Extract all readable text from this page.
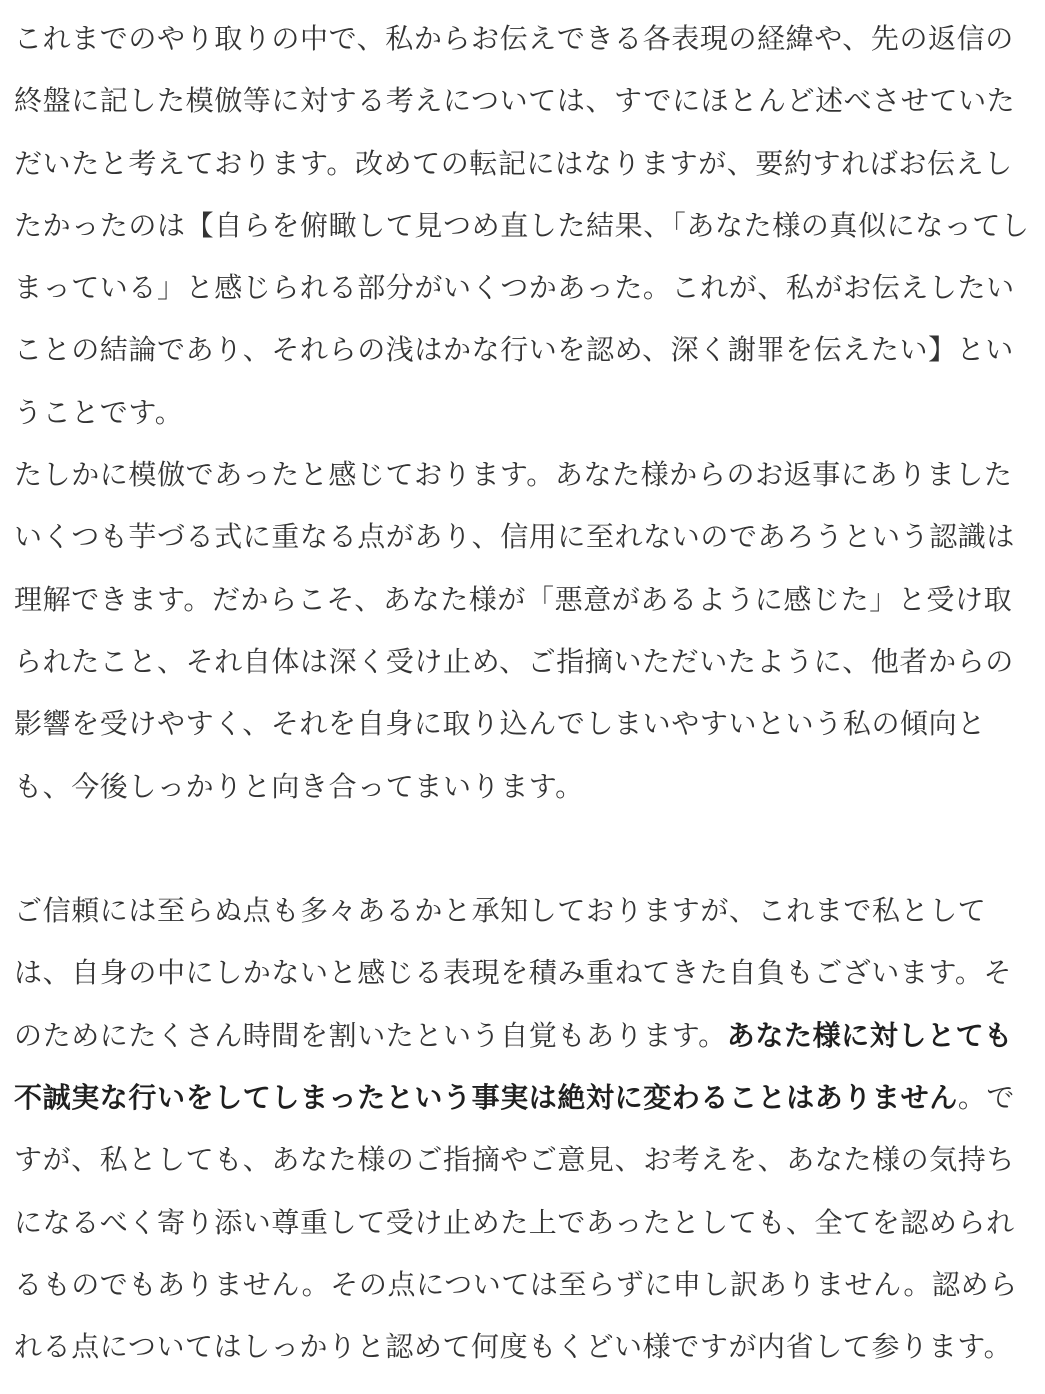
これまでのやり取りの中で、私からお伝えできる各表現の経緯や、先の返信の終盤に記した模倣等に対する考えについては、すでにほとんど述べさせていただいたと考えております。改めての転記にはなりますが、要約すればお伝えしたかったのは【自らを俯瞰して見つめ直した結果、「あなた様の真似になってしまっている」と感じられる部分がいくつかあった。これが、私がお伝えしたいことの結論であり、それらの浅はかな行いを認め、深く謝罪を伝えたい】ということです。

たしかに模倣であったと感じております。あなた様からのお返事にありましたいくつも芋づる式に重なる点があり、信用に至れないのであろうという認識は理解できます。だからこそ、あなた様が「悪意があるように感じた」と受け取られたこと、それ自体は深く受け止め、ご指摘いただいたように、他者からの影響を受けやすく、それを自身に取り込んでしまいやすいという私の傾向とも、今後しっかりと向き合ってまいります。

ご信頼には至らぬ点も多々あるかと承知しておりますが、これまで私としては、自身の中にしかないと感じる表現を積み重ねてきた自負もございます。そのためにたくさん時間を割いたという自覚もあります。あなた様に対しとても不誠実な行いをしてしまったという事実は絶対に変わることはありません。ですが、私としても、あなた様のご指摘やご意見、お考えを、あなた様の気持ちになるべく寄り添い尊重して受け止めた上であったとしても、全てを認められるものでもありません。その点については至らずに申し訳ありません。認められる点についてはしっかりと認めて何度もくどい様ですが内省して参ります。
